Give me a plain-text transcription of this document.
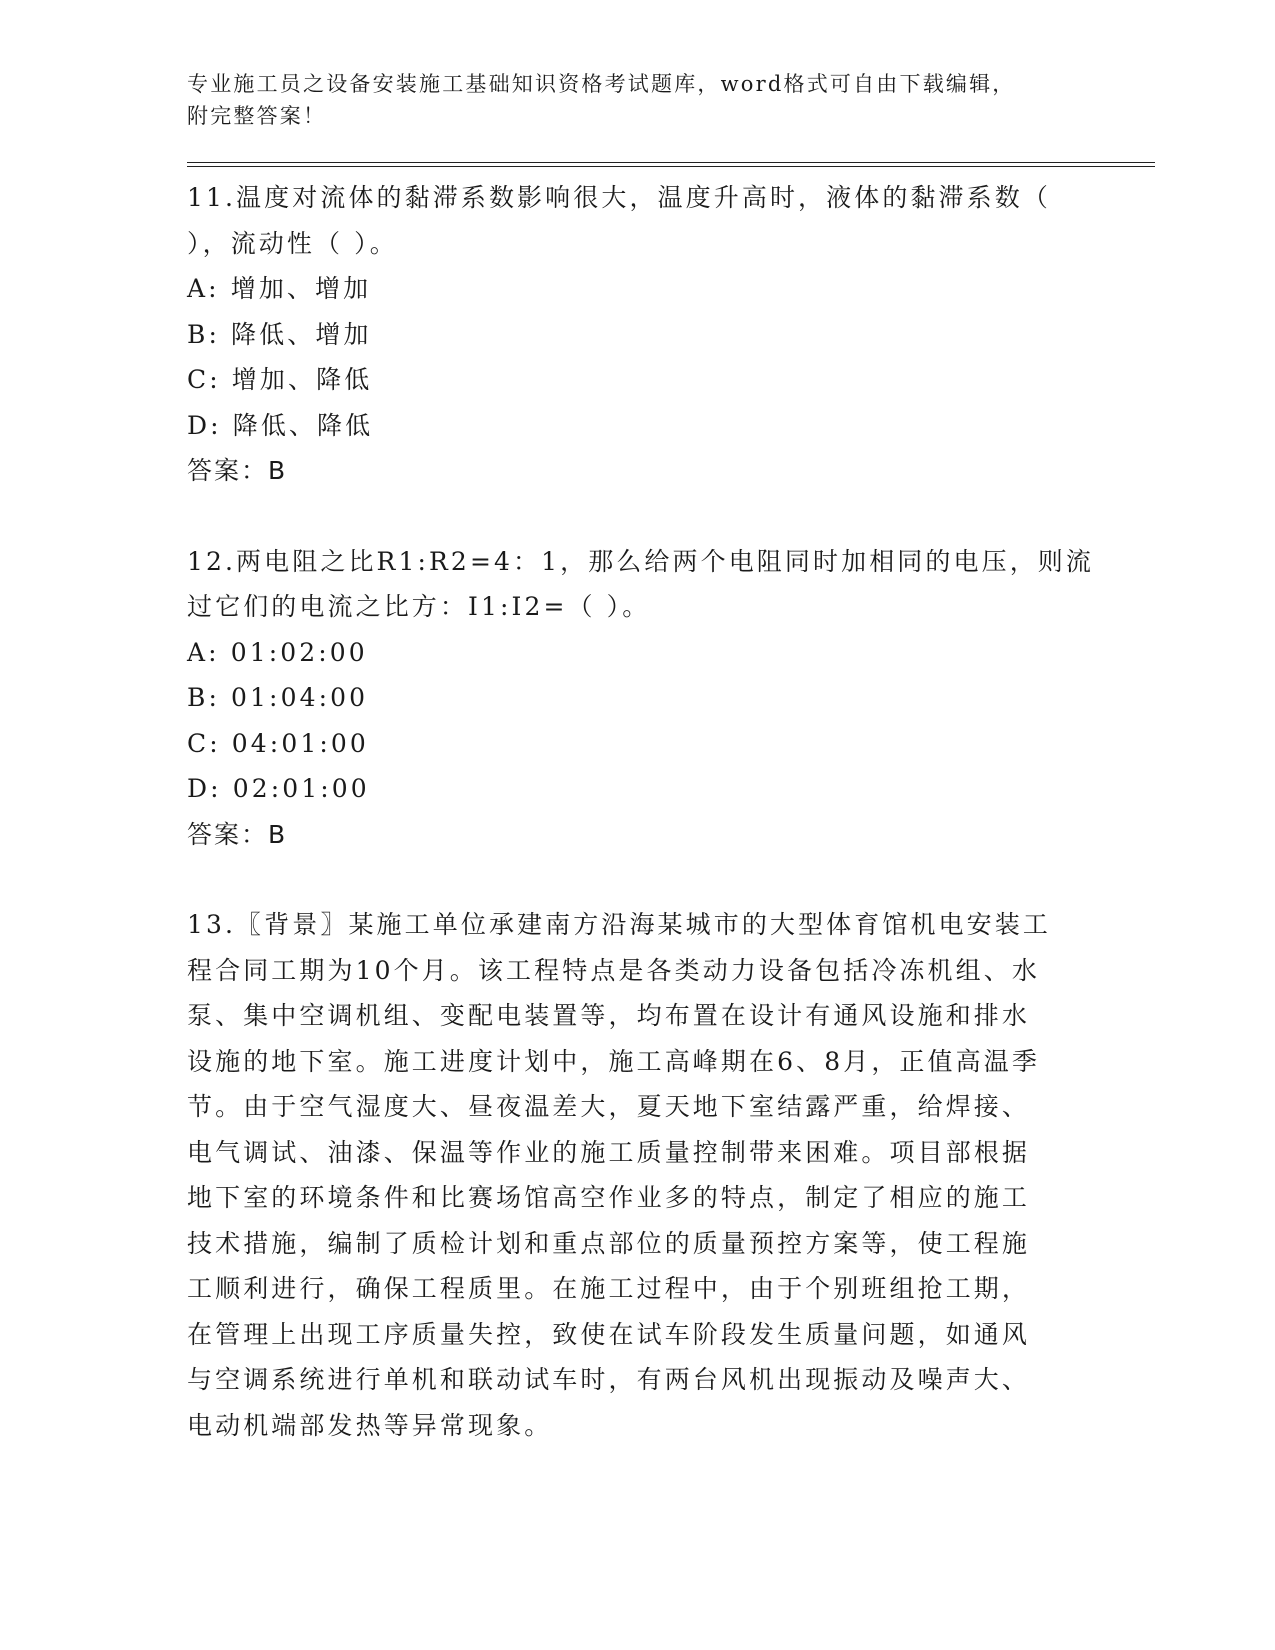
专业施工员之设备安装施工基础知识资格考试题库，word格式可自由下载编辑，

附完整答案！

11.温度对流体的黏滞系数影响很大，温度升高时，液体的黏滞系数（
），流动性（ ）。
A: 增加、增加
B: 降低、增加
C: 增加、降低
D: 降低、降低
答案：B
12.两电阻之比R1:R2=4：1，那么给两个电阻同时加相同的电压，则流
过它们的电流之比方：I1:I2=（ ）。
A: 01:02:00
B: 01:04:00
C: 04:01:00
D: 02:01:00
答案：B
13.〖背景〗某施工单位承建南方沿海某城市的大型体育馆机电安装工
程合同工期为10个月。该工程特点是各类动力设备包括冷冻机组、水
泵、集中空调机组、变配电装置等，均布置在设计有通风设施和排水
设施的地下室。施工进度计划中，施工高峰期在6、8月，正值高温季
节。由于空气湿度大、昼夜温差大，夏天地下室结露严重，给焊接、
电气调试、油漆、保温等作业的施工质量控制带来困难。项目部根据
地下室的环境条件和比赛场馆高空作业多的特点，制定了相应的施工
技术措施，编制了质检计划和重点部位的质量预控方案等，使工程施
工顺利进行，确保工程质里。在施工过程中，由于个别班组抢工期，
在管理上出现工序质量失控，致使在试车阶段发生质量问题，如通风
与空调系统进行单机和联动试车时，有两台风机出现振动及噪声大、
电动机端部发热等异常现象。
